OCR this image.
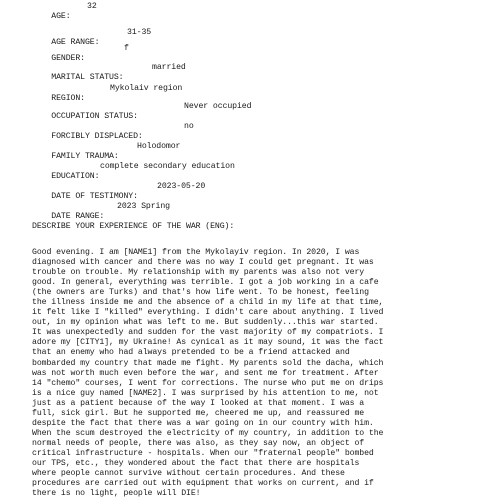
AGE:

32

AGE RANGE:

31-35

GENDER:

f

MARITAL STATUS:

married

REGION:

Mykolaiv region

OCCUPATION STATUS:

Never occupied

FORCIBLY DISPLACED:

no

FAMILY TRAUMA:

Holodomor

EDUCATION:

complete secondary education

DATE OF TESTIMONY:

2023-05-20

DATE RANGE:

2023 Spring

DESCRIBE YOUR EXPERIENCE OF THE WAR (ENG):
Good evening. I am [NAME1] from the Mykolayiv region. In 2020, I was
diagnosed with cancer and there was no way I could get pregnant. It was
trouble on trouble. My relationship with my parents was also not very
good. In general, everything was terrible. I got a job working in a cafe
(the owners are Turks) and that's how life went. To be honest, feeling
the illness inside me and the absence of a child in my life at that time,
it felt like I "killed" everything. I didn't care about anything. I lived
out, in my opinion what was left to me. But suddenly...this war started.
It was unexpectedly and sudden for the vast majority of my compatriots. I
adore my [CITY1], my Ukraine! As cynical as it may sound, it was the fact
that an enemy who had always pretended to be a friend attacked and
bombarded my country that made me fight. My parents sold the dacha, which
was not worth much even before the war, and sent me for treatment. After
14 "chemo" courses, I went for corrections. The nurse who put me on drips
is a nice guy named [NAME2]. I was surprised by his attention to me, not
just as a patient because of the way I looked at that moment. I was a
full, sick girl. But he supported me, cheered me up, and reassured me
despite the fact that there was a war going on in our country with him.
When the scum destroyed the electricity of my country, in addition to the
normal needs of people, there was also, as they say now, an object of
critical infrastructure - hospitals. When our "fraternal people" bombed
our TPS, etc., they wondered about the fact that there are hospitals
where people cannot survive without certain procedures. And these
procedures are carried out with equipment that works on current, and if
there is no light, people will DIE!
